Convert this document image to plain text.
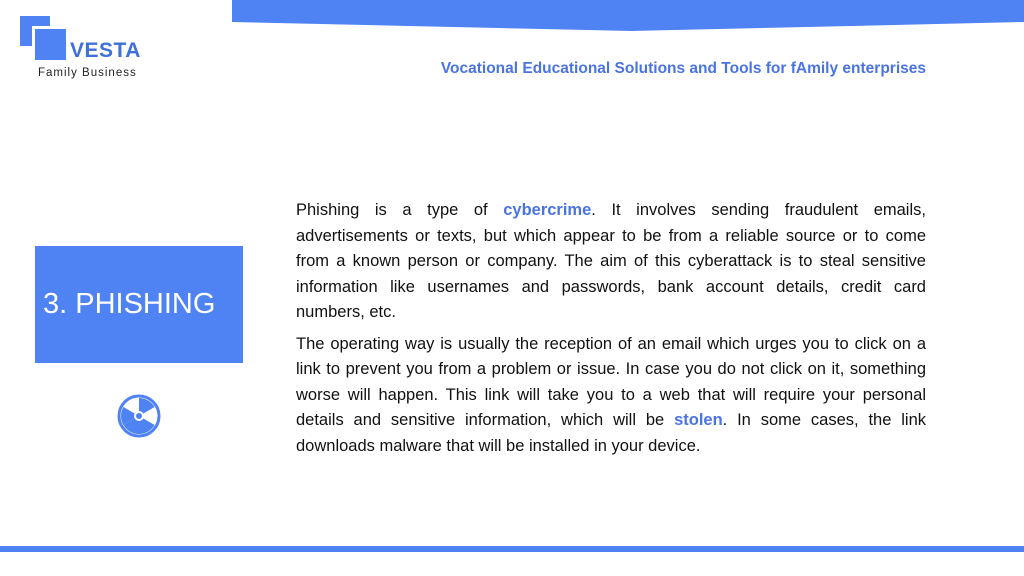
VESTA
Family Business	Vocational Educational Solutions and Tools for fAmily enterprises
3. PHISHING

Phishing is a type of cybercrime. It involves sending fraudulent emails, advertisements or texts, but which appear to be from a reliable source or to come from a known person or company. The aim of this cyberattack is to steal sensitive information like usernames and passwords, bank account details, credit card numbers, etc.

The operating way is usually the reception of an email which urges you to click on a link to prevent you from a problem or issue. In case you do not click on it, something worse will happen. This link will take you to a web that will require your personal details and sensitive information, which will be stolen. In some cases, the link downloads malware that will be installed in your device.
